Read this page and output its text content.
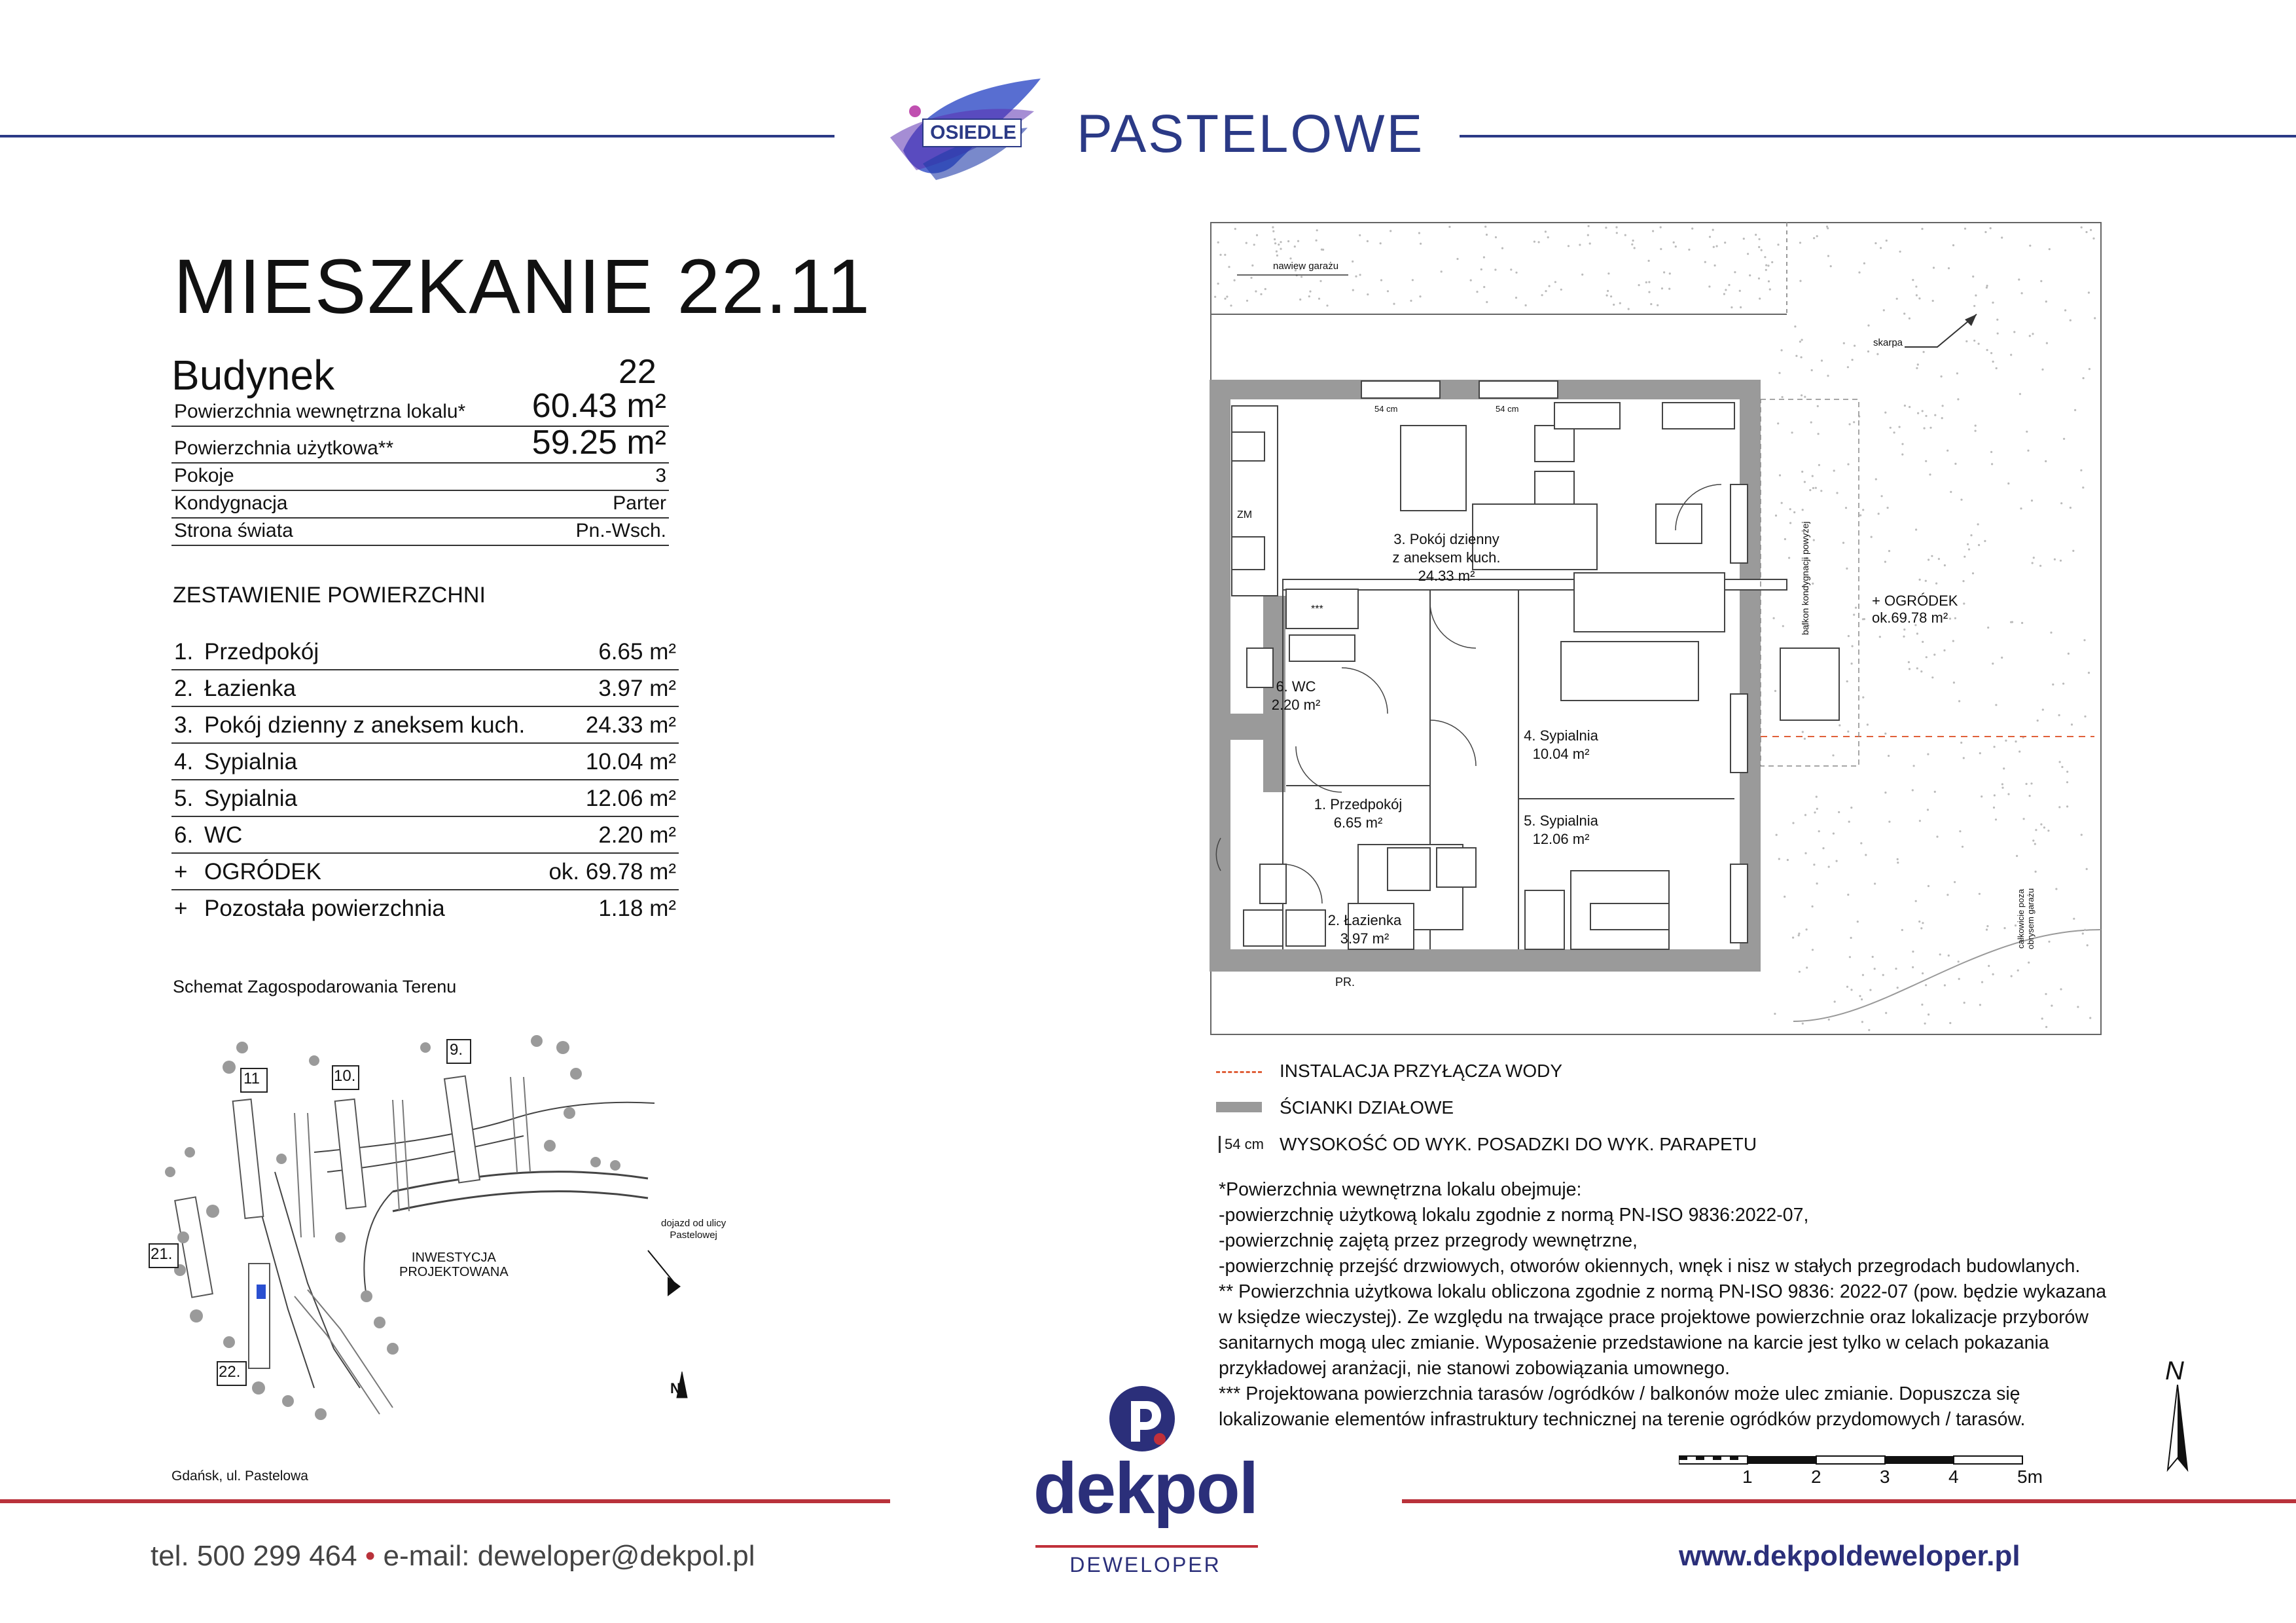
OSIEDLE PASTELOWE
MIESZKANIE 22.11
Budynek	22
Powierzchnia wewnętrzna lokalu* 60.43 m²
Powierzchnia użytkowa**	59.25 m²
Pokoje	3
Kondygnacja	Parter
Strona świata	Pn.-Wsch.
ZESTAWIENIE POWIERZCHNI
1. Przedpokój	6.65 m²
2. Łazienka	3.97 m²
3. Pokój dzienny z aneksem kuch.	24.33 m²
4. Sypialnia	10.04 m²
5. Sypialnia	12.06 m²
6. WC	2.20 m²
+ OGRÓDEK	ok. 69.78 m²
+ Pozostała powierzchnia	1.18 m²
Schemat Zagospodarowania Terenu
9.
10.
11
21.
22.
INWESTYCJA
PROJEKTOWANA
dojazd od ulicy
Pastelowej
N
Gdańsk, ul. Pastelowa
3. Pokój dzienny
z aneksem kuch.
24.33 m²
6. WC
2.20 m²
4. Sypialnia
10.04 m²
1. Przedpokój
6.65 m²	5. Sypialnia
12.06 m²
2. Łazienka
3.97 m²
+ OGRÓDEK
ok.69.78 m²
nawiew garażu
skarpa
ZM
PR.
***
54 cm	54 cm
balkon kondygnacji powyżej
całkowicie poza
obrysem garażu
INSTALACJA PRZYŁĄCZA WODY
ŚCIANKI DZIAŁOWE
54 cm WYSOKOŚĆ OD WYK. POSADZKI DO WYK. PARAPETU
*Powierzchnia wewnętrzna lokalu obejmuje:
-powierzchnię użytkową lokalu zgodnie z normą PN-ISO 9836:2022-07,
-powierzchnię zajętą przez przegrody wewnętrzne,
-powierzchnię przejść drzwiowych, otworów okiennych, wnęk i nisz w stałych przegrodach budowlanych.
** Powierzchnia użytkowa lokalu obliczona zgodnie z normą PN-ISO 9836: 2022-07 (pow. będzie wykazana
w księdze wieczystej). Ze względu na trwające prace projektowe powierzchnie oraz lokalizacje przyborów
sanitarnych mogą ulec zmianie. Wyposażenie przedstawione na karcie jest tylko w celach pokazania
przykładowej aranżacji, nie stanowi zobowiązania umownego.
*** Projektowana powierzchnia tarasów /ogródków / balkonów może ulec zmianie. Dopuszcza się
lokalizowanie elementów infrastruktury technicznej na terenie ogródków przydomowych / tarasów.
N
1	2	3	4	5m
tel. 500 299 464 • e-mail: deweloper@dekpol.pl
dekpol
DEWELOPER	www.dekpoldeweloper.pl
